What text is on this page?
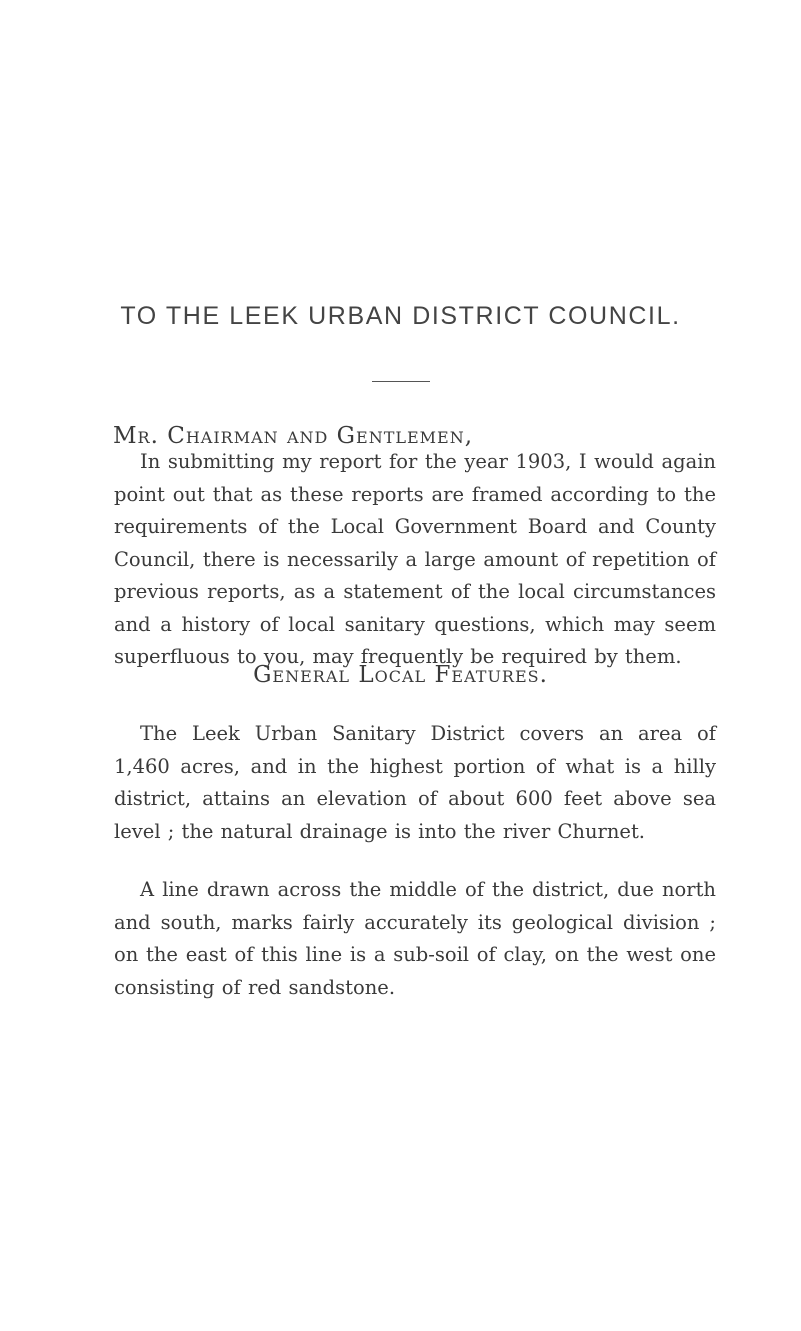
TO THE LEEK URBAN DISTRICT COUNCIL.

Mr. Chairman and Gentlemen,

In submitting my report for the year 1903, I would again point out that as these reports are framed according to the requirements of the Local Government Board and County Council, there is necessarily a large amount of repetition of previous reports, as a statement of the local circumstances and a history of local sanitary questions, which may seem superfluous to you, may frequently be required by them.

General Local Features.

The Leek Urban Sanitary District covers an area of 1,460 acres, and in the highest portion of what is a hilly district, attains an elevation of about 600 feet above sea level ; the natural drainage is into the river Churnet.

A line drawn across the middle of the district, due north and south, marks fairly accurately its geological division ; on the east of this line is a sub-soil of clay, on the west one consisting of red sandstone.
